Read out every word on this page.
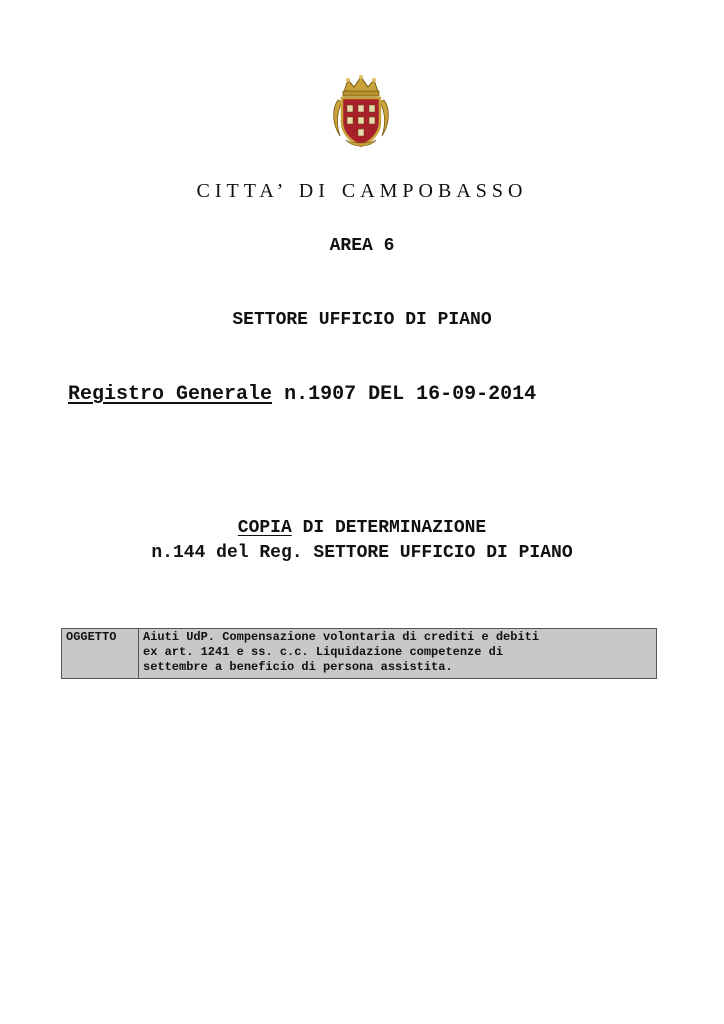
CITTA’ DI CAMPOBASSO
AREA 6
SETTORE UFFICIO DI PIANO
Registro Generale n.1907 DEL 16-09-2014
COPIA DI DETERMINAZIONE
n.144 del Reg. SETTORE UFFICIO DI PIANO
OGGETTO	Aiuti UdP. Compensazione volontaria di crediti e debiti
ex art. 1241 e ss. c.c. Liquidazione competenze di
settembre a beneficio di persona assistita.
